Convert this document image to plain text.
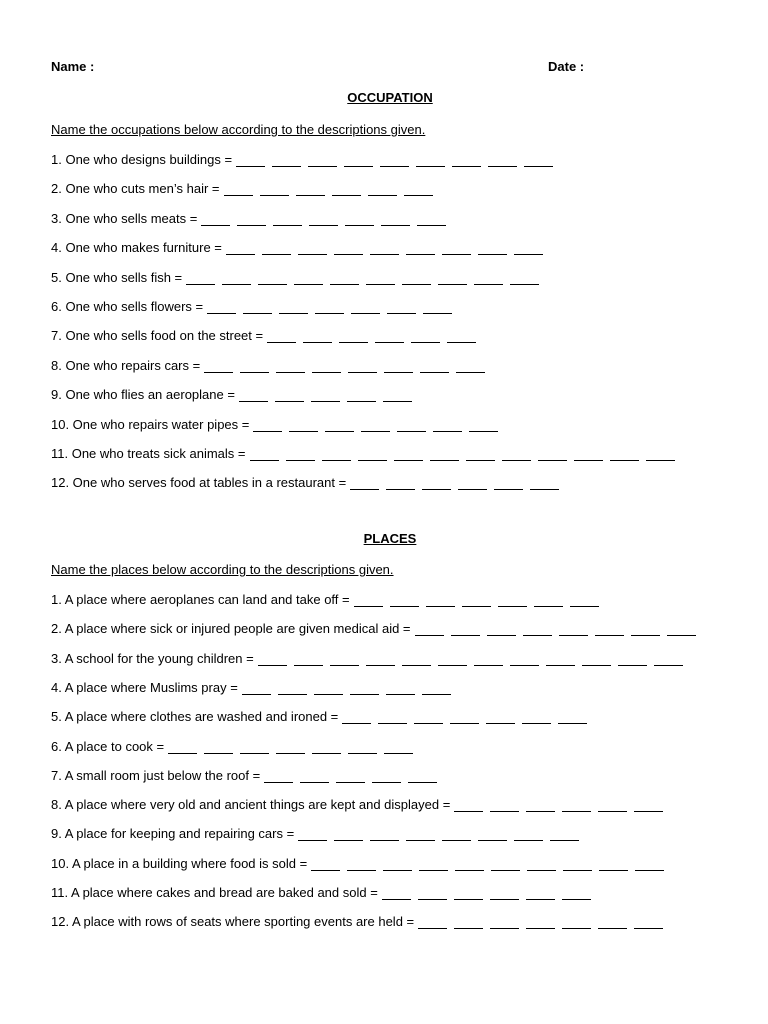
Name :	Date :
OCCUPATION
Name the occupations below according to the descriptions given.
1. One who designs buildings =
2. One who cuts men’s hair =
3. One who sells meats =
4. One who makes furniture =
5. One who sells fish =
6. One who sells flowers =
7. One who sells food on the street =
8. One who repairs cars =
9. One who flies an aeroplane =
10. One who repairs water pipes =
11. One who treats sick animals =
12. One who serves food at tables in a restaurant =
PLACES
Name the places below according to the descriptions given.
1. A place where aeroplanes can land and take off =
2. A place where sick or injured people are given medical aid =
3. A school for the young children =
4. A place where Muslims pray =
5. A place where clothes are washed and ironed =
6. A place to cook =
7. A small room just below the roof =
8. A place where very old and ancient things are kept and displayed =
9. A place for keeping and repairing cars =
10. A place in a building where food is sold =
11. A place where cakes and bread are baked and sold =
12. A place with rows of seats where sporting events are held =
